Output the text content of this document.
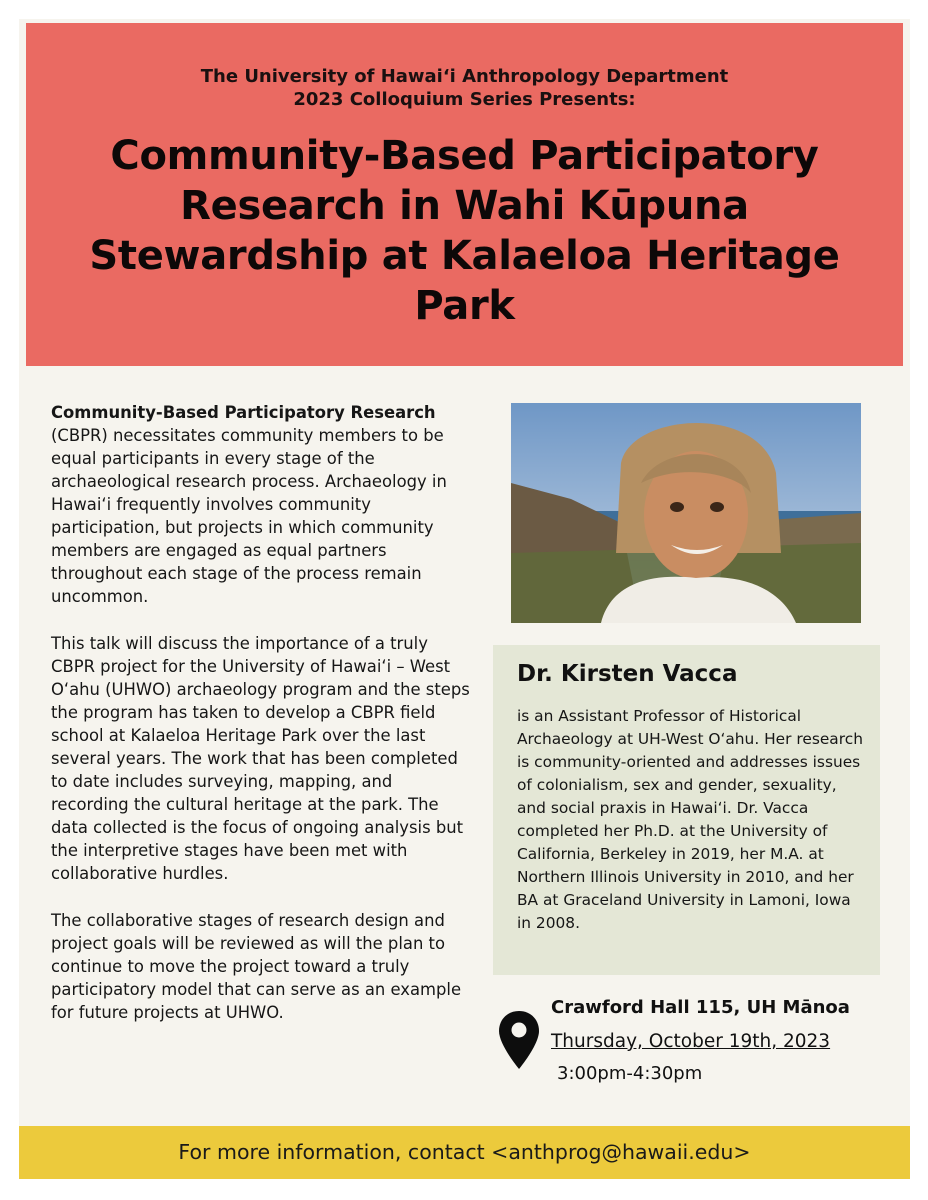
The University of Hawaiʻi Anthropology Department
2023 Colloquium Series Presents:
Community-Based Participatory Research in Wahi Kūpuna Stewardship at Kalaeloa Heritage Park

Community-Based Participatory Research (CBPR) necessitates community members to be equal participants in every stage of the archaeological research process. Archaeology in Hawaiʻi frequently involves community participation, but projects in which community members are engaged as equal partners throughout each stage of the process remain uncommon.

This talk will discuss the importance of a truly CBPR project for the University of Hawaiʻi – West Oʻahu (UHWO) archaeology program and the steps the program has taken to develop a CBPR field school at Kalaeloa Heritage Park over the last several years. The work that has been completed to date includes surveying, mapping, and recording the cultural heritage at the park. The data collected is the focus of ongoing analysis but the interpretive stages have been met with collaborative hurdles.

The collaborative stages of research design and project goals will be reviewed as will the plan to continue to move the project toward a truly participatory model that can serve as an example for future projects at UHWO.

Dr. Kirsten Vacca
is an Assistant Professor of Historical Archaeology at UH-West Oʻahu. Her research is community-oriented and addresses issues of colonialism, sex and gender, sexuality, and social praxis in Hawaiʻi. Dr. Vacca completed her Ph.D. at the University of California, Berkeley in 2019, her M.A. at Northern Illinois University in 2010, and her BA at Graceland University in Lamoni, Iowa in 2008.
Crawford Hall 115, UH Mānoa
Thursday, October 19th, 2023
3:00pm-4:30pm
For more information, contact <anthprog@hawaii.edu>
